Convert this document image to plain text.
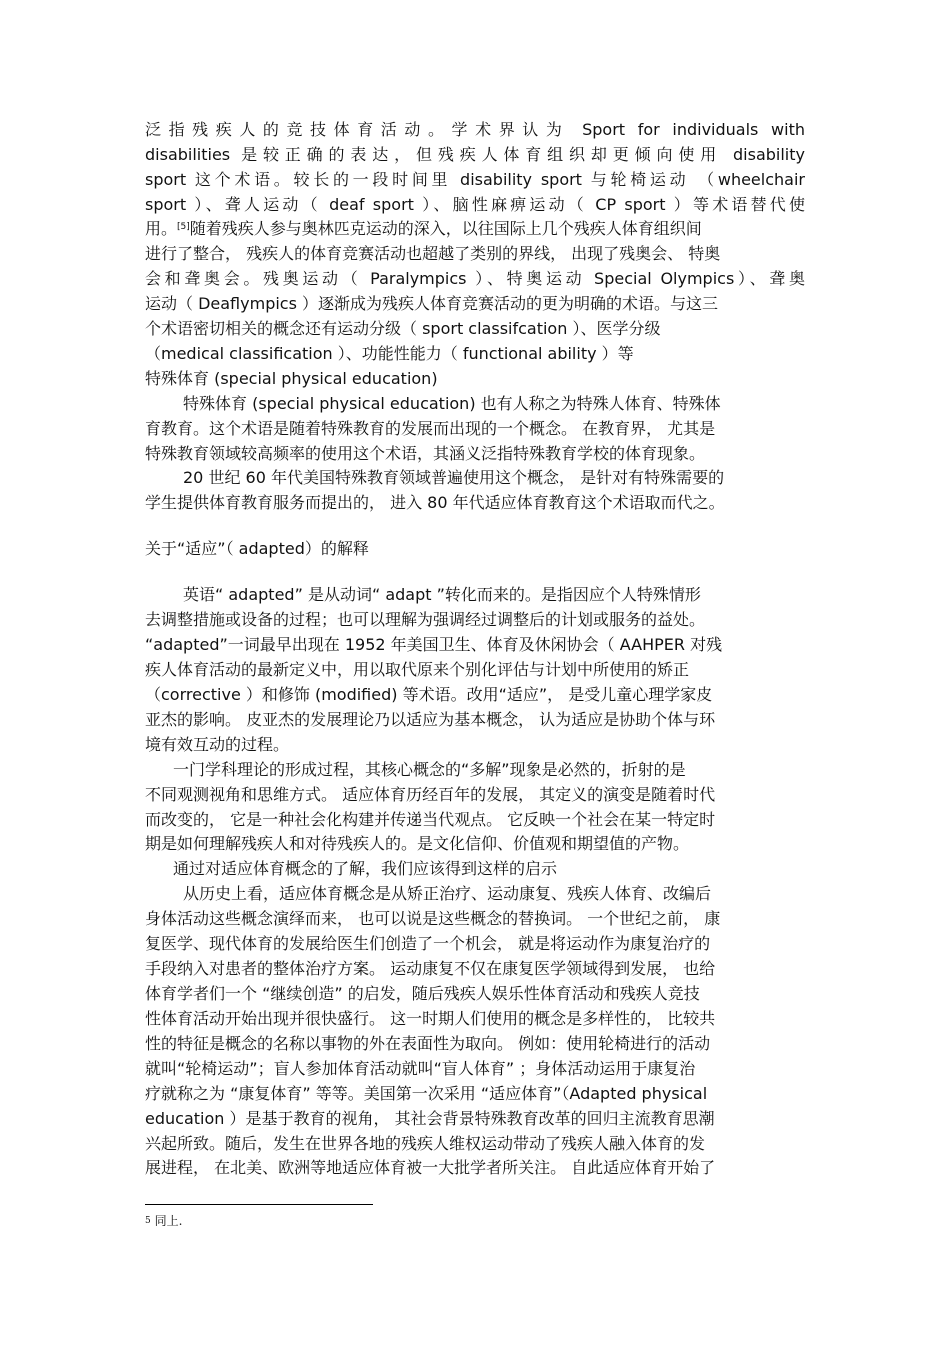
泛指残疾人的竞技体育活动。学术界认为 Sport for individuals with
disabilities 是较正确的表达，但残疾人体育组织却更倾向使用 disability
sport 这个术语。较长的一段时间里 disability sport 与轮椅运动 （wheelchair
sport ）、聋人运动（ deaf sport ）、脑性麻痹运动（ CP sport ）等术语替代使
用。[5]随着残疾人参与奥林匹克运动的深入，以往国际上几个残疾人体育组织间
进行了整合， 残疾人的体育竞赛活动也超越了类别的界线， 出现了残奥会、 特奥
会和聋奥会。残奥运动（ Paralympics ）、特奥运动 Special Olympics）、聋奥
运动（ Deaflympics ）逐渐成为残疾人体育竞赛活动的更为明确的术语。与这三
个术语密切相关的概念还有运动分级（ sport classifcation ）、医学分级
（medical classification ）、功能性能力（ functional ability ）等
特殊体育 (special physical education)
特殊体育 (special physical education) 也有人称之为特殊人体育、特殊体
育教育。这个术语是随着特殊教育的发展而出现的一个概念。 在教育界， 尤其是
特殊教育领域较高频率的使用这个术语，其涵义泛指特殊教育学校的体育现象。
20 世纪 60 年代美国特殊教育领域普遍使用这个概念， 是针对有特殊需要的
学生提供体育教育服务而提出的， 进入 80 年代适应体育教育这个术语取而代之。
关于“适应”（ adapted）的解释
英语“ adapted” 是从动词“ adapt ”转化而来的。是指因应个人特殊情形
去调整措施或设备的过程；也可以理解为强调经过调整后的计划或服务的益处。
“adapted”一词最早出现在 1952 年美国卫生、体育及休闲协会（ AAHPER 对残
疾人体育活动的最新定义中，用以取代原来个别化评估与计划中所使用的矫正
（corrective ）和修饰 (modified) 等术语。改用“适应”， 是受儿童心理学家皮
亚杰的影响。 皮亚杰的发展理论乃以适应为基本概念， 认为适应是协助个体与环
境有效互动的过程。
一门学科理论的形成过程，其核心概念的“多解”现象是必然的，折射的是
不同观测视角和思维方式。 适应体育历经百年的发展， 其定义的演变是随着时代
而改变的， 它是一种社会化构建并传递当代观点。 它反映一个社会在某一特定时
期是如何理解残疾人和对待残疾人的。是文化信仰、价值观和期望值的产物。
通过对适应体育概念的了解，我们应该得到这样的启示
从历史上看，适应体育概念是从矫正治疗、运动康复、残疾人体育、改编后
身体活动这些概念演绎而来， 也可以说是这些概念的替换词。 一个世纪之前， 康
复医学、现代体育的发展给医生们创造了一个机会， 就是将运动作为康复治疗的
手段纳入对患者的整体治疗方案。 运动康复不仅在康复医学领域得到发展， 也给
体育学者们一个 “继续创造” 的启发，随后残疾人娱乐性体育活动和残疾人竞技
性体育活动开始出现并很快盛行。 这一时期人们使用的概念是多样性的， 比较共
性的特征是概念的名称以事物的外在表面性为取向。 例如：使用轮椅进行的活动
就叫“轮椅运动”；盲人参加体育活动就叫“盲人体育” ；身体活动运用于康复治
疗就称之为 “康复体育” 等等。美国第一次采用 “适应体育”（Adapted physical
education ）是基于教育的视角， 其社会背景特殊教育改革的回归主流教育思潮
兴起所致。随后，发生在世界各地的残疾人维权运动带动了残疾人融入体育的发
展进程， 在北美、欧洲等地适应体育被一大批学者所关注。 自此适应体育开始了
$^5$ 同上.
